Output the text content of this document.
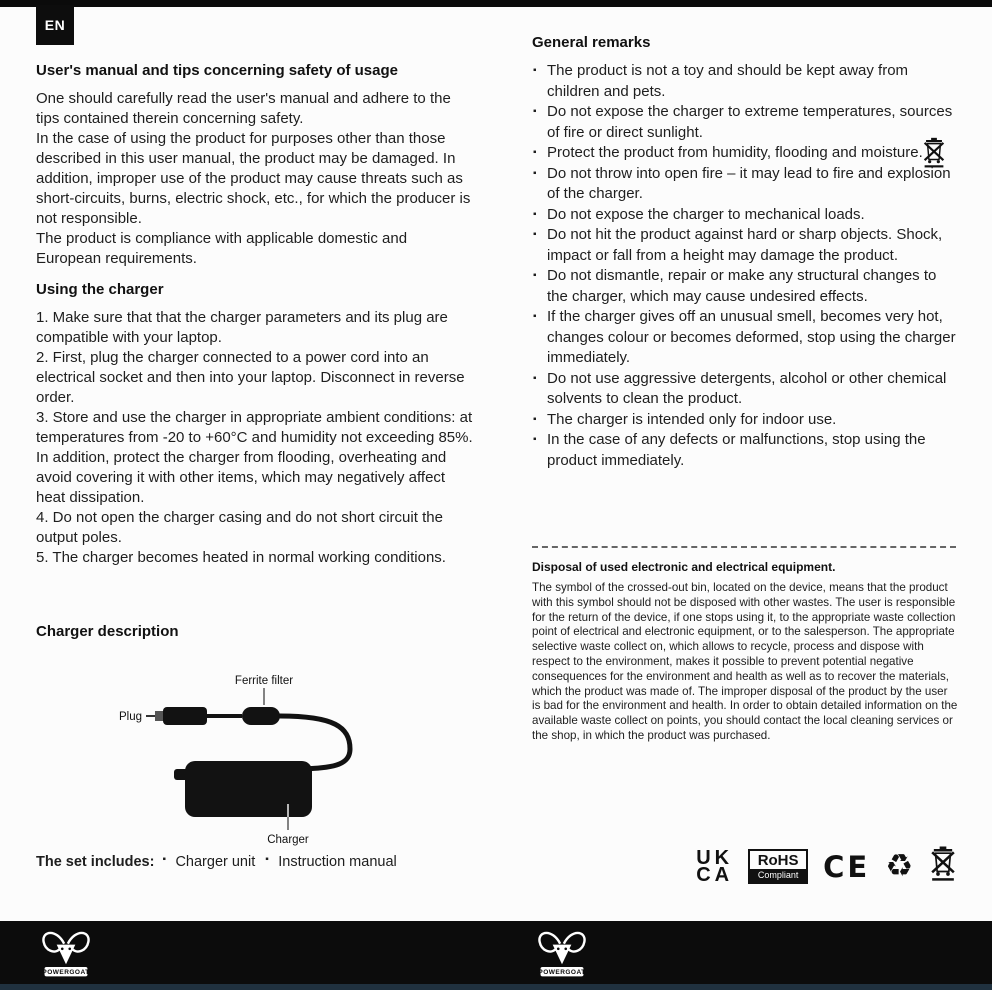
EN
User's manual and tips concerning safety of usage

One should carefully read the user's manual and adhere to the tips contained therein concerning safety.

In the case of using the product for purposes other than those described in this user manual, the product may be damaged. In addition, improper use of the product may cause threats such as short-circuits, burns, electric shock, etc., for which the producer is not responsible.

The product is compliance with applicable domestic and European requirements.

Using the charger

1. Make sure that that the charger parameters and its plug are compatible with your laptop.

2. First, plug the charger connected to a power cord into an electrical socket and then into your laptop. Disconnect in reverse order.

3. Store and use the charger in appropriate ambient conditions: at temperatures from -20 to +60°C and humidity not exceeding 85%. In addition, protect the charger from flooding, overheating and avoid covering it with other items, which may negatively affect heat dissipation.

4. Do not open the charger casing and do not short circuit the output poles.

5. The charger becomes heated in normal working conditions.

Charger description
Ferrite filter
Plug
Charger
The set includes:	▪ Charger unit	▪ Instruction manual
General remarks

▪ The product is not a toy and should be kept away from children and pets.

▪ Do not expose the charger to extreme temperatures, sources of fire or direct sunlight.

▪ Protect the product from humidity, flooding and moisture.

▪ Do not throw into open fire – it may lead to fire and explosion of the charger.

▪ Do not expose the charger to mechanical loads.

▪ Do not hit the product against hard or sharp objects. Shock, impact or fall from a height may damage the product.

▪ Do not dismantle, repair or make any structural changes to the charger, which may cause undesired effects.

▪ If the charger gives off an unusual smell, becomes very hot, changes colour or becomes deformed, stop using the charger immediately.

▪ Do not use aggressive detergents, alcohol or other chemical solvents to clean the product.

▪ The charger is intended only for indoor use.

▪ In the case of any defects or malfunctions, stop using the product immediately.

Disposal of used electronic and electrical equipment.

The symbol of the crossed-out bin, located on the device, means that the product with this symbol should not be disposed with other wastes. The user is responsible for the return of the device, if one stops using it, to the appropriate waste collection point of electrical and electronic equipment, or to the salesperson. The appropriate selective waste collect on, which allows to recycle, process and dispose with respect to the environment, makes it possible to prevent potential negative consequences for the environment and health as well as to recover the materials, which the product was made of. The improper disposal of the product by the user is bad for the environment and health. In order to obtain detailed information on the available waste collect on points, you should contact the local cleaning services or the shop, in which the product was purchased.

UK
CA
RoHS
Compliant CE ♻
POWERGOAT	POWERGOAT
